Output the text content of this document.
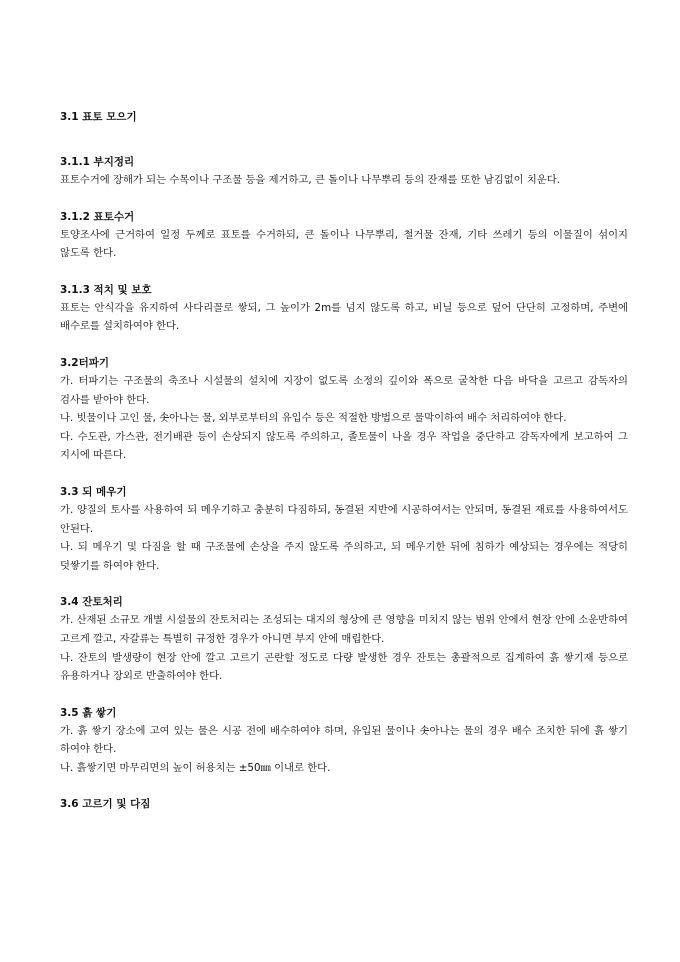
3.1 표토 모으기
3.1.1 부지정리

표토수거에 장해가 되는 수목이나 구조물 등을 제거하고, 큰 돌이나 나무뿌리 등의 잔재를 또한 남김없이 치운다.

3.1.2 표토수거

토양조사에 근거하여 일정 두께로 표토를 수거하되, 큰 돌이나 나무뿌리, 철거물 잔재, 기타 쓰레기 등의 이물질이 섞이지 않도록 한다.

3.1.3 적치 및 보호

표토는 안식각을 유지하여 사다리꼴로 쌓되, 그 높이가 2m를 넘지 않도록 하고, 비닐 등으로 덮어 단단히 고정하며, 주변에 배수로를 설치하여야 한다.

3.2터파기

가. 터파기는 구조물의 축조나 시설물의 설치에 지장이 없도록 소정의 깊이와 폭으로 굴착한 다음 바닥을 고르고 감독자의 검사를 받아야 한다.

나. 빗물이나 고인 물, 솟아나는 물, 외부로부터의 유입수 등은 적절한 방법으로 물막이하여 배수 처리하여야 한다.

다. 수도관, 가스관, 전기배관 등이 손상되지 않도록 주의하고, 졸토물이 나올 경우 작업을 중단하고 감독자에게 보고하여 그 지시에 따른다.

3.3 되 메우기

가. 양질의 토사를 사용하여 되 메우기하고 충분히 다짐하되, 동결된 지반에 시공하여서는 안되며, 동결된 재료를 사용하여서도 안된다.

나. 되 메우기 및 다짐을 할 때 구조물에 손상을 주지 않도록 주의하고, 되 메우기한 뒤에 침하가 예상되는 경우에는 적당히 덧쌓기를 하여야 한다.

3.4 잔토처리

가. 산재된 소규모 개별 시설물의 잔토처리는 조성되는 대지의 형상에 큰 영향을 미치지 않는 범위 안에서 현장 안에 소운반하여 고르게 깔고, 자갈류는 특별히 규정한 경우가 아니면 부지 안에 매립한다.

나. 잔토의 발생량이 현장 안에 깔고 고르기 곤란할 정도로 다량 발생한 경우 잔토는 총괄적으로 집계하여 흙 쌓기재 등으로 유용하거나 장외로 반출하여야 한다.

3.5 흙 쌓기

가. 흙 쌓기 장소에 고여 있는 물은 시공 전에 배수하여야 하며, 유입된 물이나 솟아나는 물의 경우 배수 조치한 뒤에 흙 쌓기 하여야 한다.

나. 흙쌓기면 마무리면의 높이 허용치는 ±50㎜ 이내로 한다.

3.6 고르기 및 다짐
